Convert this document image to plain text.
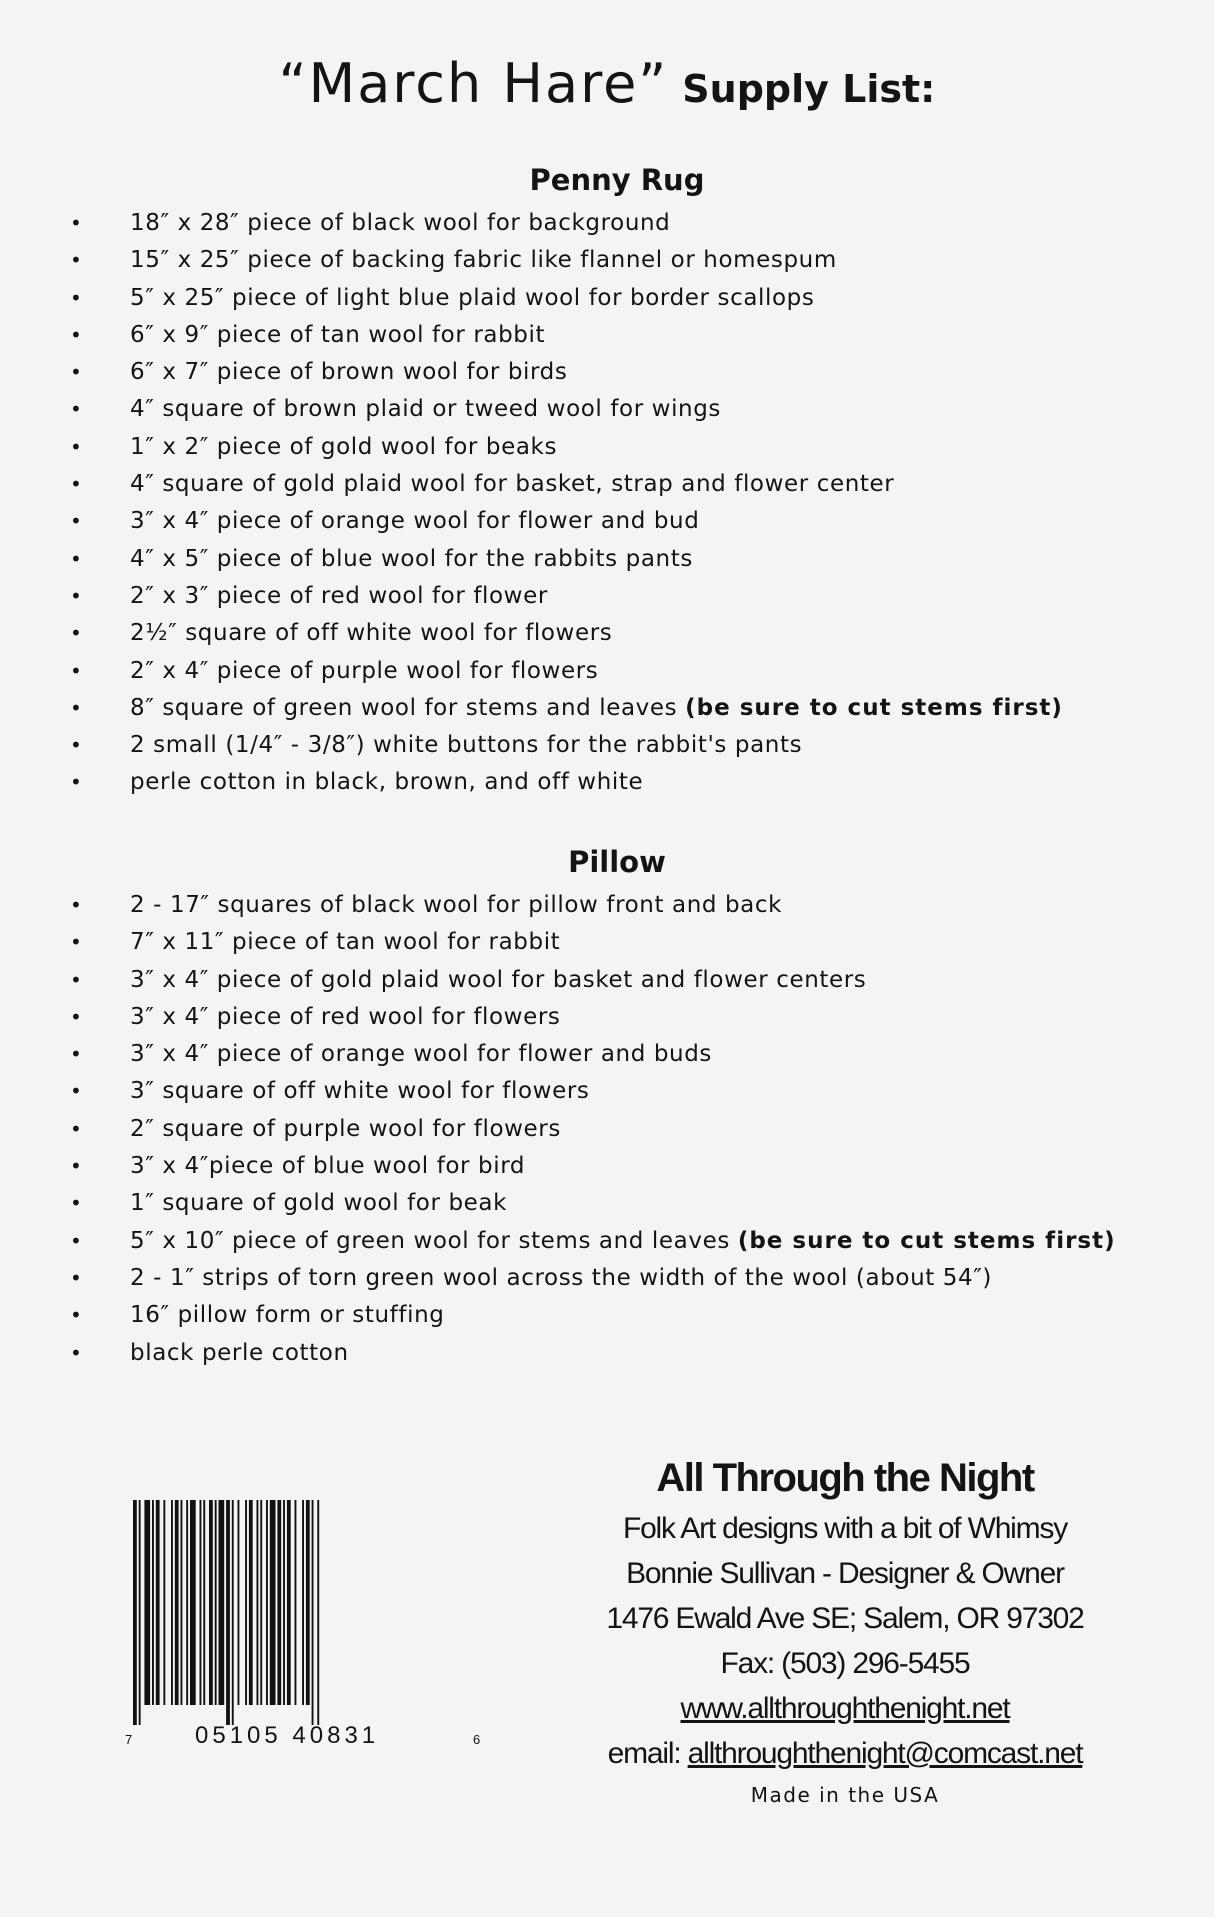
“March Hare” Supply List:
Penny Rug
• 18″ x 28″ piece of black wool for background
• 15″ x 25″ piece of backing fabric like flannel or homespum
• 5″ x 25″ piece of light blue plaid wool for border scallops
• 6″ x 9″ piece of tan wool for rabbit
• 6″ x 7″ piece of brown wool for birds
• 4″ square of brown plaid or tweed wool for wings
• 1″ x 2″ piece of gold wool for beaks
• 4″ square of gold plaid wool for basket, strap and flower center
• 3″ x 4″ piece of orange wool for flower and bud
• 4″ x 5″ piece of blue wool for the rabbits pants
• 2″ x 3″ piece of red wool for flower
• 2½″ square of off white wool for flowers
• 2″ x 4″ piece of purple wool for flowers
• 8″ square of green wool for stems and leaves (be sure to cut stems first)
• 2 small (1/4″ - 3/8″) white buttons for the rabbit's pants
• perle cotton in black, brown, and off white
Pillow
• 2 - 17″ squares of black wool for pillow front and back
• 7″ x 11″ piece of tan wool for rabbit
• 3″ x 4″ piece of gold plaid wool for basket and flower centers
• 3″ x 4″ piece of red wool for flowers
• 3″ x 4″ piece of orange wool for flower and buds
• 3″ square of off white wool for flowers
• 2″ square of purple wool for flowers
• 3″ x 4″piece of blue wool for bird
• 1″ square of gold wool for beak
• 5″ x 10″ piece of green wool for stems and leaves (be sure to cut stems first)
• 2 - 1″ strips of torn green wool across the width of the wool (about 54″)
• 16″ pillow form or stuffing
• black perle cotton
7	05105 40831	6
All Through the Night
Folk Art designs with a bit of Whimsy
Bonnie Sullivan - Designer & Owner
1476 Ewald Ave SE; Salem, OR 97302
Fax: (503) 296-5455
www.allthroughthenight.net
email: allthroughthenight@comcast.net
Made in the USA
